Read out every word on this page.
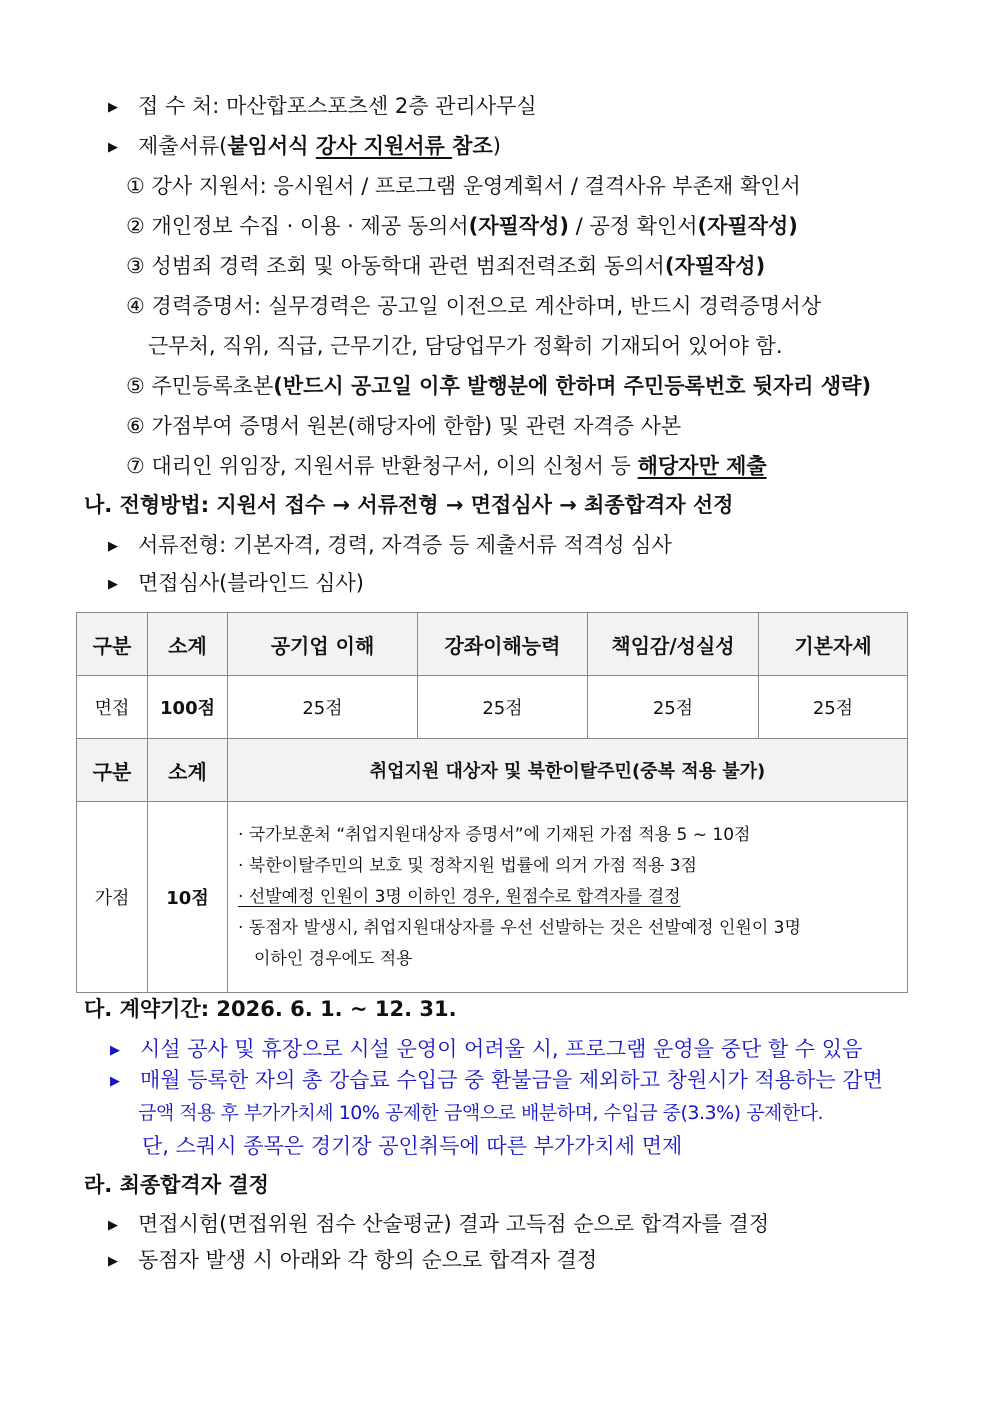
▶ 접 수 처: 마산합포스포츠센 2층 관리사무실
▶ 제출서류(붙임서식 강사 지원서류 참조)
① 강사 지원서: 응시원서 / 프로그램 운영계획서 / 결격사유 부존재 확인서
② 개인정보 수집 · 이용 · 제공 동의서(자필작성) / 공정 확인서(자필작성)
③ 성범죄 경력 조회 및 아동학대 관련 범죄전력조회 동의서(자필작성)
④ 경력증명서: 실무경력은 공고일 이전으로 계산하며, 반드시 경력증명서상
근무처, 직위, 직급, 근무기간, 담당업무가 정확히 기재되어 있어야 함.
⑤ 주민등록초본(반드시 공고일 이후 발행분에 한하며 주민등록번호 뒷자리 생략)
⑥ 가점부여 증명서 원본(해당자에 한함) 및 관련 자격증 사본
⑦ 대리인 위임장, 지원서류 반환청구서, 이의 신청서 등 해당자만 제출
나. 전형방법: 지원서 접수 → 서류전형 → 면접심사 → 최종합격자 선정
▶ 서류전형: 기본자격, 경력, 자격증 등 제출서류 적격성 심사
▶ 면접심사(블라인드 심사)
구분	소계	공기업 이해	강좌이해능력	책임감/성실성	기본자세
면접	100점	25점	25점	25점	25점
구분	소계	취업지원 대상자 및 북한이탈주민(중복 적용 불가)			
가점	10점	· 국가보훈처 “취업지원대상자 증명서”에 기재된 가점 적용 5 ~ 10점
· 북한이탈주민의 보호 및 정착지원 법률에 의거 가점 적용 3점
· 선발예정 인원이 3명 이하인 경우, 원점수로 합격자를 결정
· 동점자 발생시, 취업지원대상자를 우선 선발하는 것은 선발예정 인원이 3명
이하인 경우에도 적용			
다. 계약기간: 2026. 6. 1. ~ 12. 31.
▶ 시설 공사 및 휴장으로 시설 운영이 어려울 시, 프로그램 운영을 중단 할 수 있음
▶ 매월 등록한 자의 총 강습료 수입금 중 환불금을 제외하고 창원시가 적용하는 감면
금액 적용 후 부가가치세 10% 공제한 금액으로 배분하며, 수입금 중(3.3%) 공제한다.
단, 스쿼시 종목은 경기장 공인취득에 따른 부가가치세 면제
라. 최종합격자 결정
▶ 면접시험(면접위원 점수 산술평균) 결과 고득점 순으로 합격자를 결정
▶ 동점자 발생 시 아래와 각 항의 순으로 합격자 결정
